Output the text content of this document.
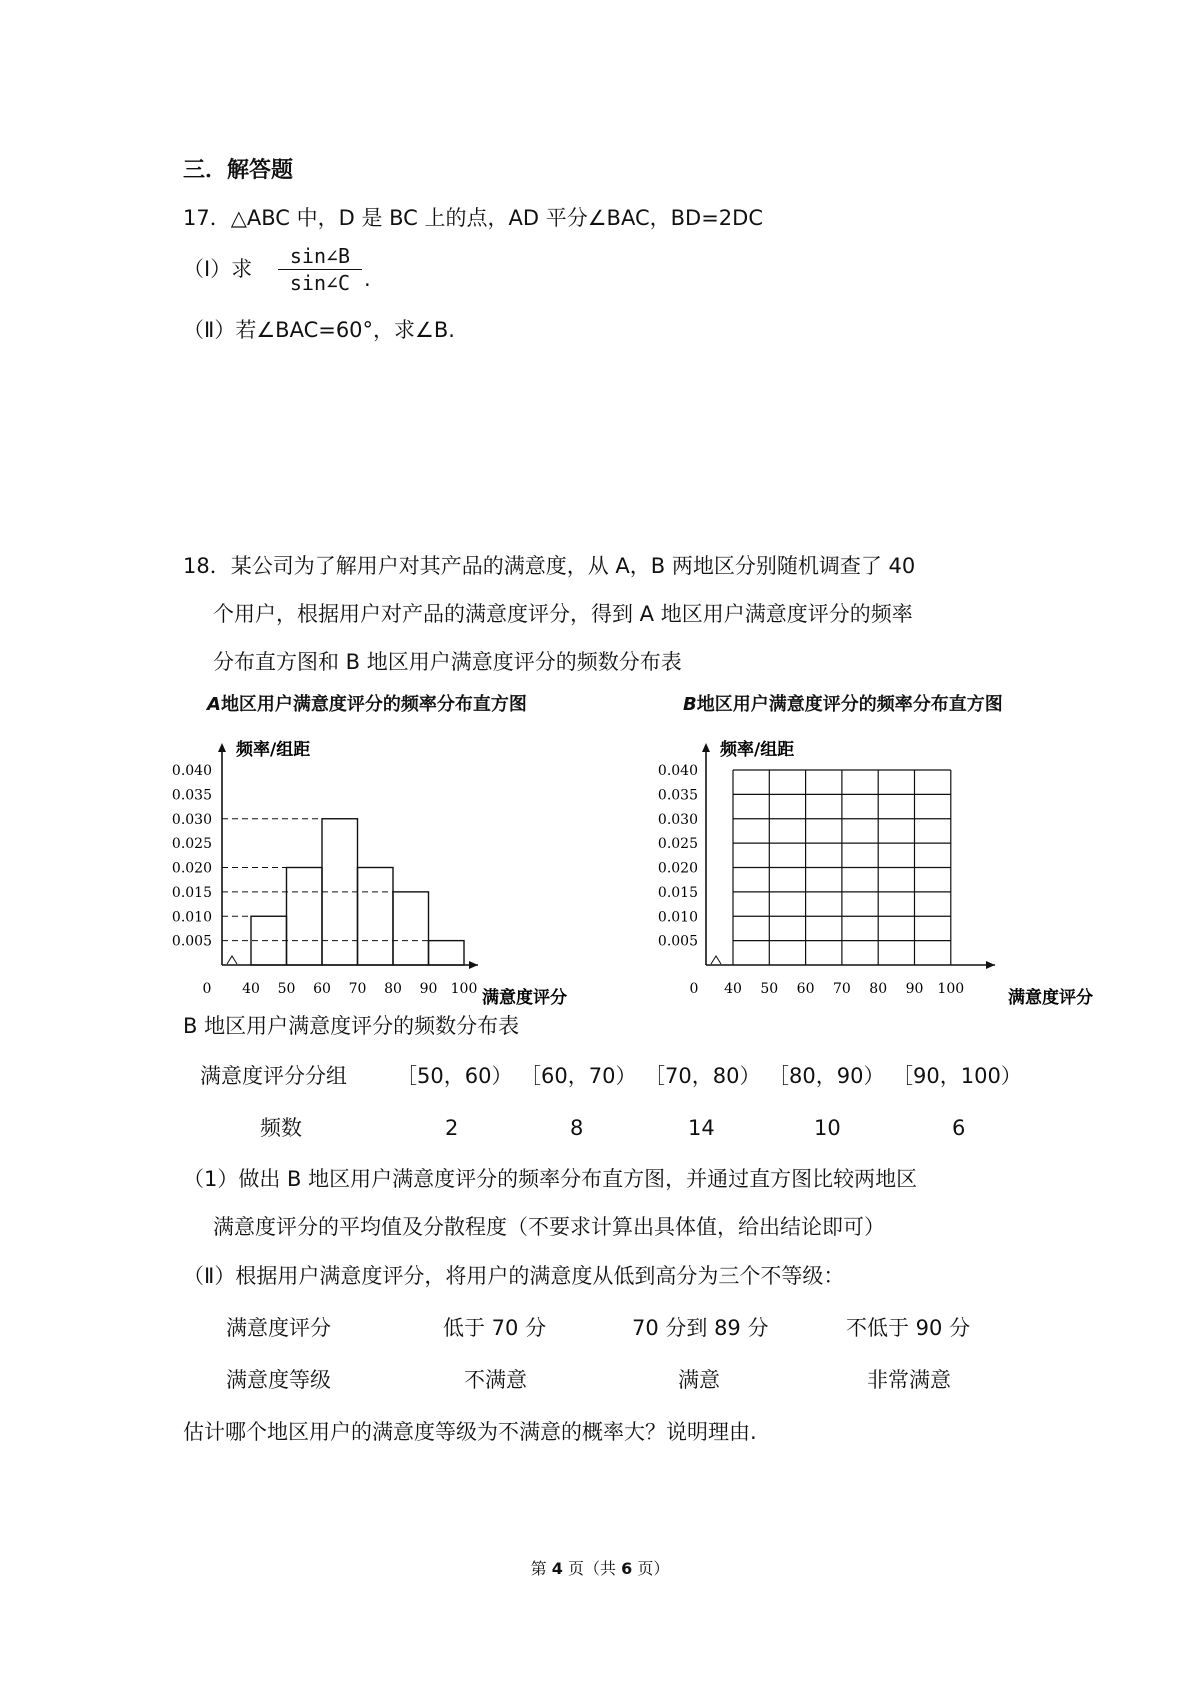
三．解答题
17．△ABC 中，D 是 BC 上的点，AD 平分∠BAC，BD=2DC
（Ⅰ）求 $\frac{\sin\angle B}{\sin\angle C}$ .
（Ⅱ）若∠BAC=60°，求∠B.
18．某公司为了解用户对其产品的满意度，从 A，B 两地区分别随机调查了 40
个用户，根据用户对产品的满意度评分，得到 A 地区用户满意度评分的频率
分布直方图和 B 地区用户满意度评分的频数分布表
A地区用户满意度评分的频率分布直方图	B地区用户满意度评分的频率分布直方图
频率/组距
满意度评分
0
0.005
0.010
0.015
0.020
0.025
0.030
0.035
0.040
40 50 60 70 80 90 100
频率/组距
满意度评分
0
0.005
0.010
0.015
0.020
0.025
0.030
0.035
0.040
40 50 60 70 80 90 100
B 地区用户满意度评分的频数分布表
满意度评分分组 ［50，60） ［60，70） ［70，80） ［80，90） ［90，100）
频数	2	8	14	10	6
（1）做出 B 地区用户满意度评分的频率分布直方图，并通过直方图比较两地区
满意度评分的平均值及分散程度（不要求计算出具体值，给出结论即可）
（Ⅱ）根据用户满意度评分，将用户的满意度从低到高分为三个不等级：
满意度评分	低于 70 分	70 分到 89 分	不低于 90 分
满意度等级	不满意	满意	非常满意
估计哪个地区用户的满意度等级为不满意的概率大？说明理由.
第 4 页（共 6 页）
